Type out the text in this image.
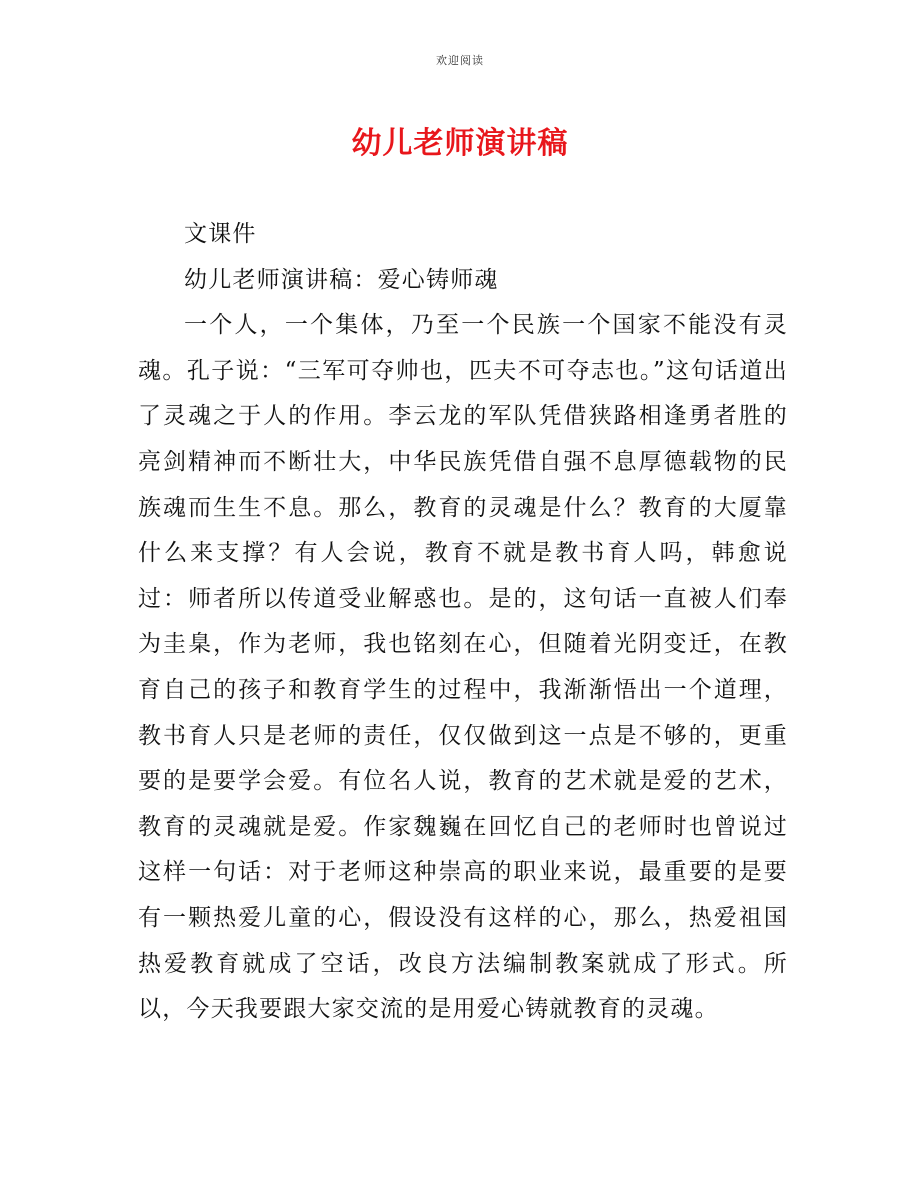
欢迎阅读
幼儿老师演讲稿

文课件

幼儿老师演讲稿：爱心铸师魂

一个人，一个集体，乃至一个民族一个国家不能没有灵魂。孔子说：“三军可夺帅也，匹夫不可夺志也。”这句话道出了灵魂之于人的作用。李云龙的军队凭借狭路相逢勇者胜的亮剑精神而不断壮大，中华民族凭借自强不息厚德载物的民族魂而生生不息。那么，教育的灵魂是什么？教育的大厦靠什么来支撑？有人会说，教育不就是教书育人吗，韩愈说过：师者所以传道受业解惑也。是的，这句话一直被人们奉为圭臬，作为老师，我也铭刻在心，但随着光阴变迁，在教育自己的孩子和教育学生的过程中，我渐渐悟出一个道理，教书育人只是老师的责任，仅仅做到这一点是不够的，更重要的是要学会爱。有位名人说，教育的艺术就是爱的艺术，教育的灵魂就是爱。作家魏巍在回忆自己的老师时也曾说过这样一句话：对于老师这种崇高的职业来说，最重要的是要有一颗热爱儿童的心，假设没有这样的心，那么，热爱祖国热爱教育就成了空话，改良方法编制教案就成了形式。所以，今天我要跟大家交流的是用爱心铸就教育的灵魂。
